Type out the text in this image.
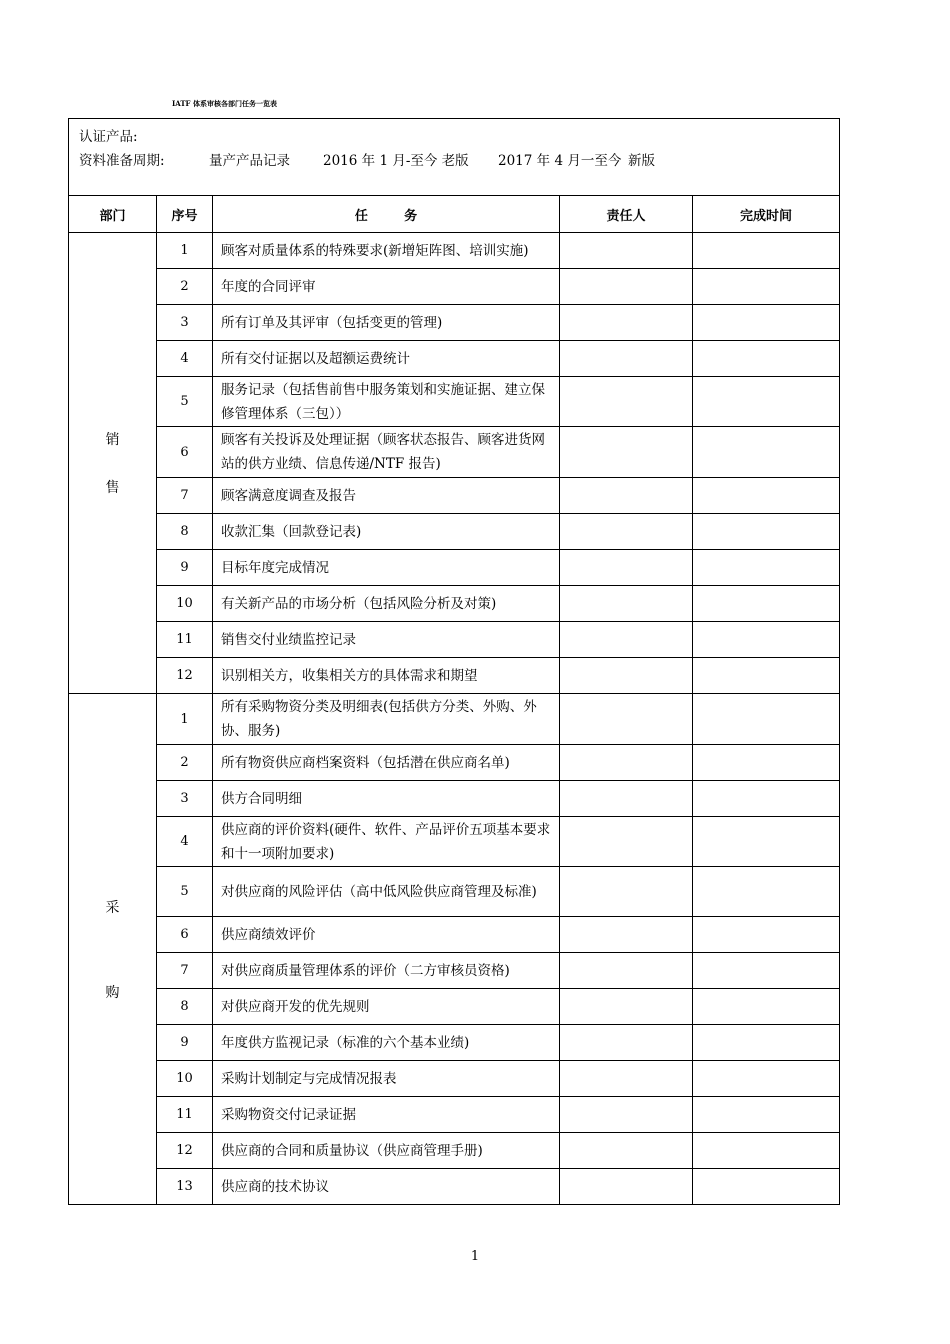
IATF 体系审核各部门任务一览表
认证产品:
资料准备周期: 量产产品记录 2016 年 1 月-至今 老版 2017 年 4 月一至今 新版				

部门	序号	任        务	责任人	完成时间

销
售	1	顾客对质量体系的特殊要求(新增矩阵图、培训实施)		
	2	年度的合同评审		
	3	所有订单及其评审（包括变更的管理)		
	4	所有交付证据以及超额运费统计		
	5	服务记录（包括售前售中服务策划和实施证据、建立保修管理体系（三包））		
	6	顾客有关投诉及处理证据（顾客状态报告、顾客进货网站的供方业绩、信息传递/NTF 报告)		
	7	顾客满意度调查及报告		
	8	收款汇集（回款登记表)		
	9	目标年度完成情况		
	10	有关新产品的市场分析（包括风险分析及对策)		
	11	销售交付业绩监控记录		
	12	识别相关方，收集相关方的具体需求和期望		

采
购	1	所有采购物资分类及明细表(包括供方分类、外购、外协、服务)		
	2	所有物资供应商档案资料（包括潜在供应商名单)		
	3	供方合同明细		
	4	供应商的评价资料(硬件、软件、产品评价五项基本要求和十一项附加要求)		
	5	对供应商的风险评估（高中低风险供应商管理及标准)		
	6	供应商绩效评价		
	7	对供应商质量管理体系的评价（二方审核员资格)		
	8	对供应商开发的优先规则		
	9	年度供方监视记录（标准的六个基本业绩)		
	10	采购计划制定与完成情况报表		
	11	采购物资交付记录证据		
	12	供应商的合同和质量协议（供应商管理手册)		
	13	供应商的技术协议		
1
